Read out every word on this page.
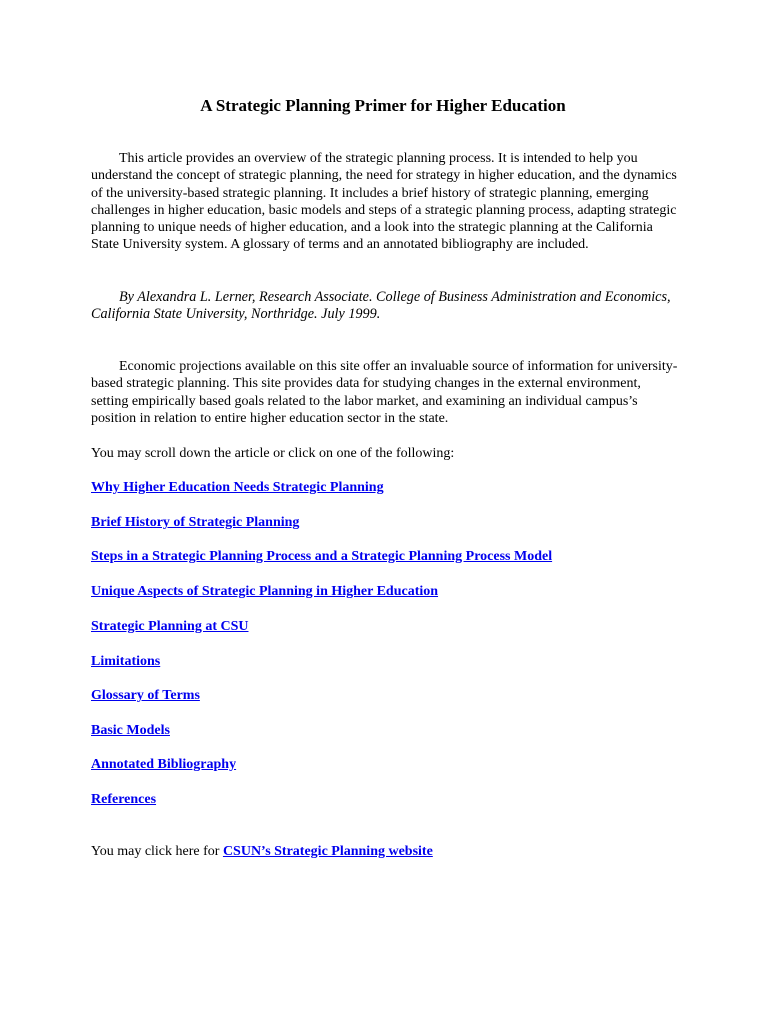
A Strategic Planning Primer for Higher Education

This article provides an overview of the strategic planning process. It is intended to help you understand the concept of strategic planning, the need for strategy in higher education, and the dynamics of the university-based strategic planning. It includes a brief history of strategic planning, emerging challenges in higher education, basic models and steps of a strategic planning process, adapting strategic planning to unique needs of higher education, and a look into the strategic planning at the California State University system. A glossary of terms and an annotated bibliography are included.

By Alexandra L. Lerner, Research Associate. College of Business Administration and Economics, California State University, Northridge. July 1999.

Economic projections available on this site offer an invaluable source of information for university-based strategic planning. This site provides data for studying changes in the external environment, setting empirically based goals related to the labor market, and examining an individual campus’s position in relation to entire higher education sector in the state.

You may scroll down the article or click on one of the following:

Why Higher Education Needs Strategic Planning
Brief History of Strategic Planning
Steps in a Strategic Planning Process and a Strategic Planning Process Model
Unique Aspects of Strategic Planning in Higher Education
Strategic Planning at CSU
Limitations
Glossary of Terms
Basic Models
Annotated Bibliography
References

You may click here for CSUN’s Strategic Planning website
